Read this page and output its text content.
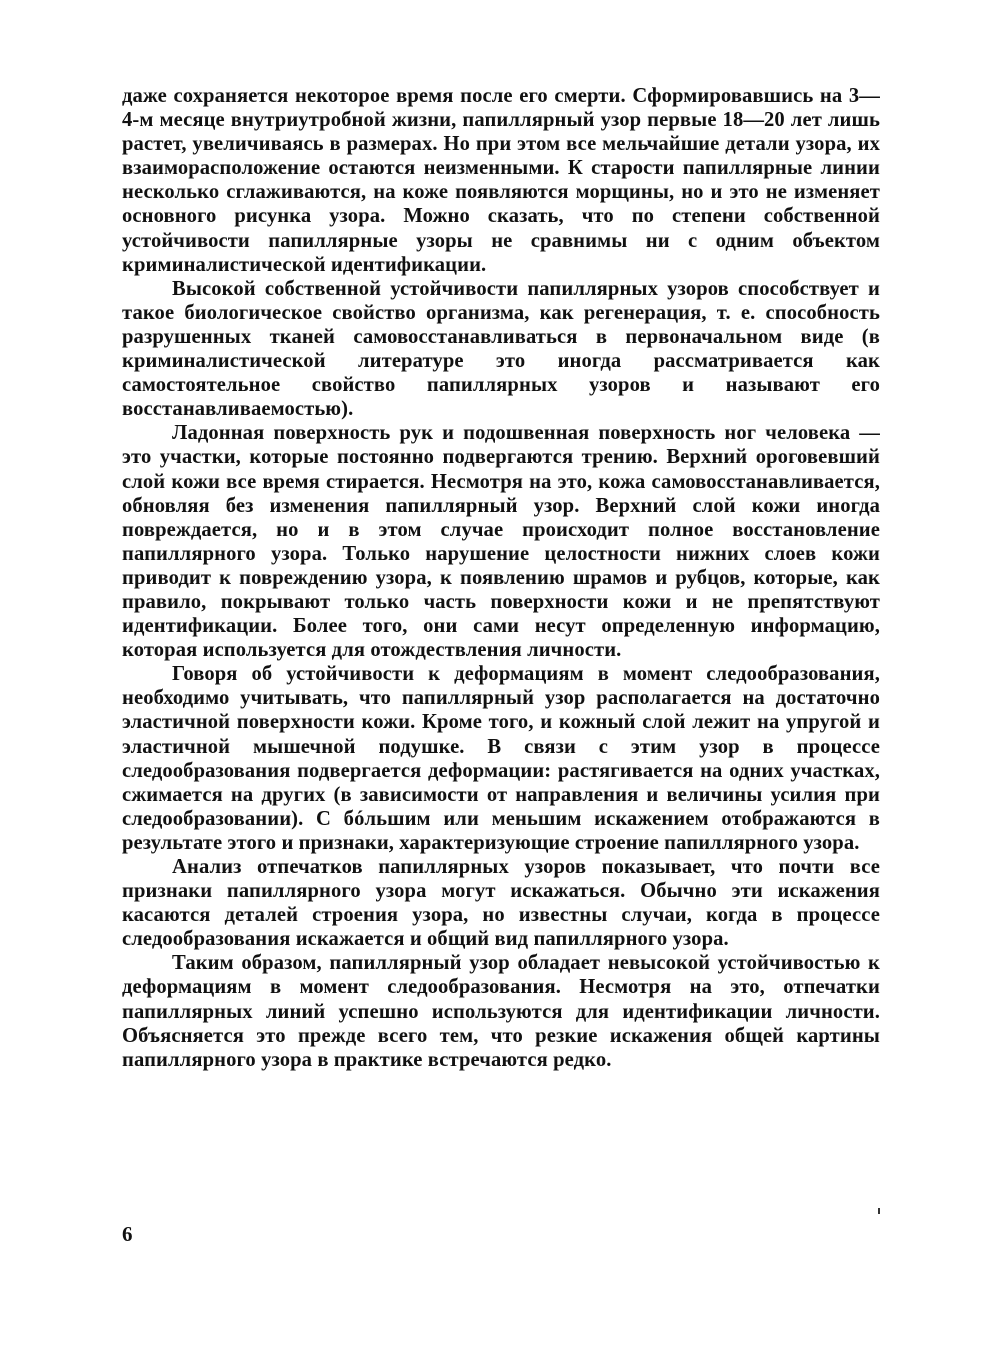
даже сохраняется некоторое время после его смерти. Сформировавшись на 3—4-м месяце внутриутробной жизни, папиллярный узор первые 18—20 лет лишь растет, увеличиваясь в размерах. Но при этом все мельчайшие детали узора, их взаиморасположение остаются неизменными. К старости папиллярные линии несколько сглаживаются, на коже появляются морщины, но и это не изменяет основного рисунка узора. Можно сказать, что по степени собственной устойчивости папиллярные узоры не сравнимы ни с одним объектом криминалистической идентификации.

Высокой собственной устойчивости папиллярных узоров способствует и такое биологическое свойство организма, как регенерация, т. е. способность разрушенных тканей самовосстанавливаться в первоначальном виде (в криминалистической литературе это иногда рассматривается как самостоятельное свойство папиллярных узоров и называют его восстанавливаемостью).

Ладонная поверхность рук и подошвенная поверхность ног человека — это участки, которые постоянно подвергаются трению. Верхний ороговевший слой кожи все время стирается. Несмотря на это, кожа самовосстанавливается, обновляя без изменения папиллярный узор. Верхний слой кожи иногда повреждается, но и в этом случае происходит полное восстановление папиллярного узора. Только нарушение целостности нижних слоев кожи приводит к повреждению узора, к появлению шрамов и рубцов, которые, как правило, покрывают только часть поверхности кожи и не препятствуют идентификации. Более того, они сами несут определенную информацию, которая используется для отождествления личности.

Говоря об устойчивости к деформациям в момент следообразования, необходимо учитывать, что папиллярный узор располагается на достаточно эластичной поверхности кожи. Кроме того, и кожный слой лежит на упругой и эластичной мышечной подушке. В связи с этим узор в процессе следообразования подвергается деформации: растягивается на одних участках, сжимается на других (в зависимости от направления и величины усилия при следообразовании). С бóльшим или меньшим искажением отображаются в результате этого и признаки, характеризующие строение папиллярного узора.

Анализ отпечатков папиллярных узоров показывает, что почти все признаки папиллярного узора могут искажаться. Обычно эти искажения касаются деталей строения узора, но известны случаи, когда в процессе следообразования искажается и общий вид папиллярного узора.

Таким образом, папиллярный узор обладает невысокой устойчивостью к деформациям в момент следообразования. Несмотря на это, отпечатки папиллярных линий успешно используются для идентификации личности. Объясняется это прежде всего тем, что резкие искажения общей картины папиллярного узора в практике встречаются редко.

6
